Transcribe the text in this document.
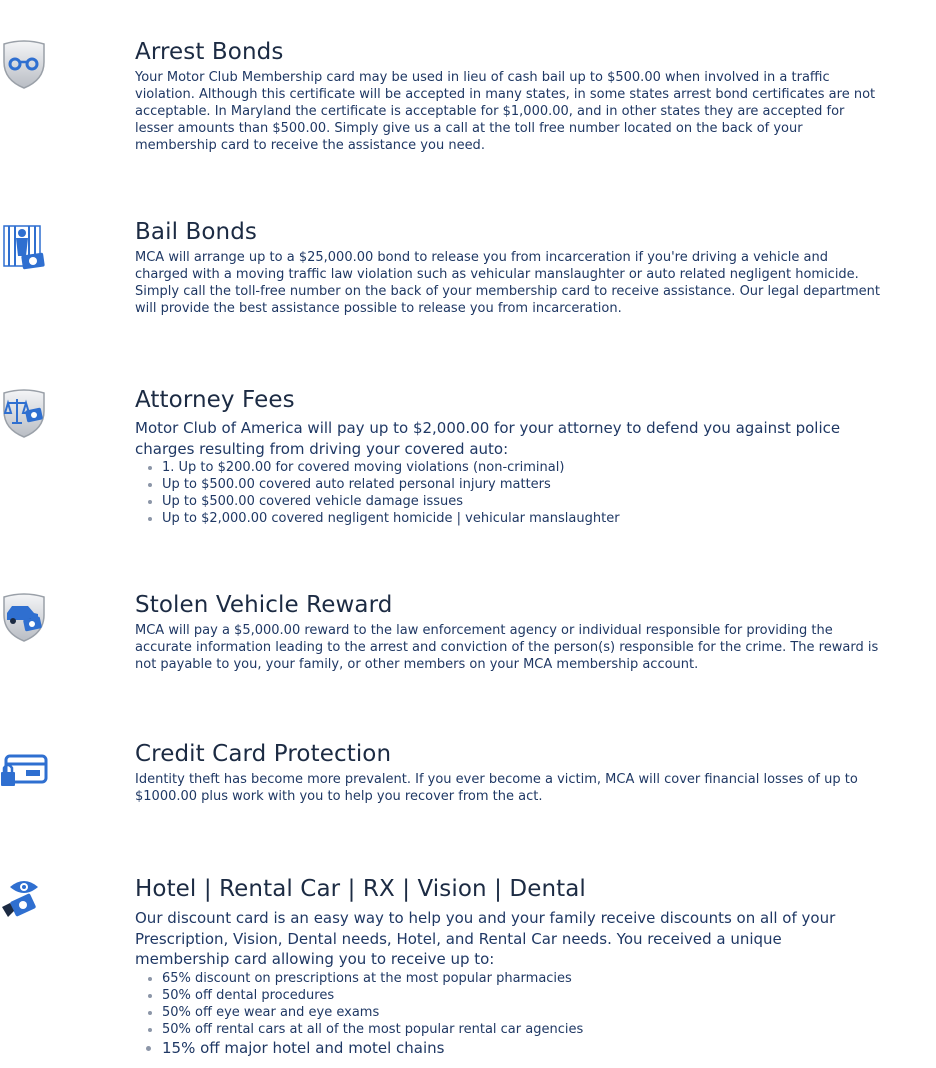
Arrest Bonds

Your Motor Club Membership card may be used in lieu of cash bail up to $500.00 when involved in a traffic violation. Although this certificate will be accepted in many states, in some states arrest bond certificates are not acceptable. In Maryland the certificate is acceptable for $1,000.00, and in other states they are accepted for lesser amounts than $500.00. Simply give us a call at the toll free number located on the back of your membership card to receive the assistance you need.

Bail Bonds

MCA will arrange up to a $25,000.00 bond to release you from incarceration if you're driving a vehicle and charged with a moving traffic law violation such as vehicular manslaughter or auto related negligent homicide. Simply call the toll-free number on the back of your membership card to receive assistance. Our legal department will provide the best assistance possible to release you from incarceration.

Attorney Fees

Motor Club of America will pay up to $2,000.00 for your attorney to defend you against police charges resulting from driving your covered auto:

• 1. Up to $200.00 for covered moving violations (non-criminal)
• Up to $500.00 covered auto related personal injury matters
• Up to $500.00 covered vehicle damage issues
• Up to $2,000.00 covered negligent homicide | vehicular manslaughter
Stolen Vehicle Reward

MCA will pay a $5,000.00 reward to the law enforcement agency or individual responsible for providing the accurate information leading to the arrest and conviction of the person(s) responsible for the crime. The reward is not payable to you, your family, or other members on your MCA membership account.

Credit Card Protection

Identity theft has become more prevalent. If you ever become a victim, MCA will cover financial losses of up to $1000.00 plus work with you to help you recover from the act.

Hotel | Rental Car | RX | Vision | Dental

Our discount card is an easy way to help you and your family receive discounts on all of your Prescription, Vision, Dental needs, Hotel, and Rental Car needs. You received a unique membership card allowing you to receive up to:

• 65% discount on prescriptions at the most popular pharmacies
• 50% off dental procedures
• 50% off eye wear and eye exams
• 50% off rental cars at all of the most popular rental car agencies
• 15% off major hotel and motel chains
